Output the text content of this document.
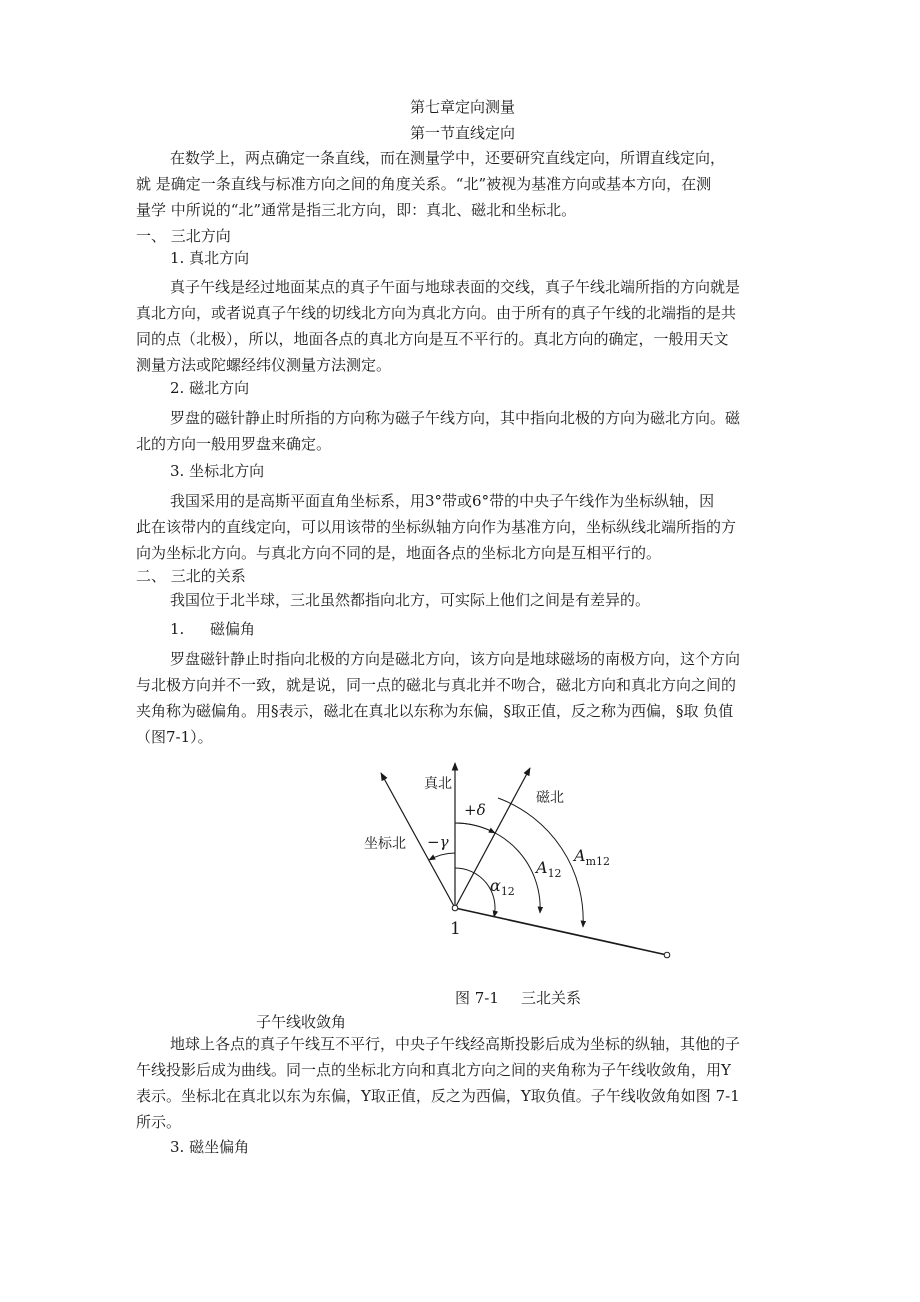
第七章定向测量
第一节直线定向
在数学上，两点确定一条直线，而在测量学中，还要研究直线定向，所谓直线定向，
就 是确定一条直线与标准方向之间的角度关系。“北”被视为基准方向或基本方向，在测
量学 中所说的“北”通常是指三北方向，即：真北、磁北和坐标北。
一、 三北方向
1. 真北方向
真子午线是经过地面某点的真子午面与地球表面的交线，真子午线北端所指的方向就是
真北方向，或者说真子午线的切线北方向为真北方向。由于所有的真子午线的北端指的是共
同的点（北极），所以，地面各点的真北方向是互不平行的。真北方向的确定，一般用天文
测量方法或陀螺经纬仪测量方法测定。
2. 磁北方向
罗盘的磁针静止时所指的方向称为磁子午线方向，其中指向北极的方向为磁北方向。磁
北的方向一般用罗盘来确定。
3. 坐标北方向
我国采用的是高斯平面直角坐标系，用3°带或6°带的中央子午线作为坐标纵轴，因
此在该带内的直线定向，可以用该带的坐标纵轴方向作为基准方向，坐标纵线北端所指的方
向为坐标北方向。与真北方向不同的是，地面各点的坐标北方向是互相平行的。
二、 三北的关系
我国位于北半球，三北虽然都指向北方，可实际上他们之间是有差异的。
1. 磁偏角
罗盘磁针静止时指向北极的方向是磁北方向，该方向是地球磁场的南极方向，这个方向
与北极方向并不一致，就是说，同一点的磁北与真北并不吻合，磁北方向和真北方向之间的
夹角称为磁偏角。用§表示，磁北在真北以东称为东偏，§取正值，反之称为西偏，§取 负值
（图7-1）。
真北
磁北
坐标北
+δ
−γ
$\alpha_{12}$
$A_{12}$
$A_{m12}$
1
图 7-1 三北关系
子午线收敛角
地球上各点的真子午线互不平行，中央子午线经高斯投影后成为坐标的纵轴，其他的子
午线投影后成为曲线。同一点的坐标北方向和真北方向之间的夹角称为子午线收敛角，用Y
表示。坐标北在真北以东为东偏，Y取正值，反之为西偏，Y取负值。子午线收敛角如图 7-1
所示。
3. 磁坐偏角
